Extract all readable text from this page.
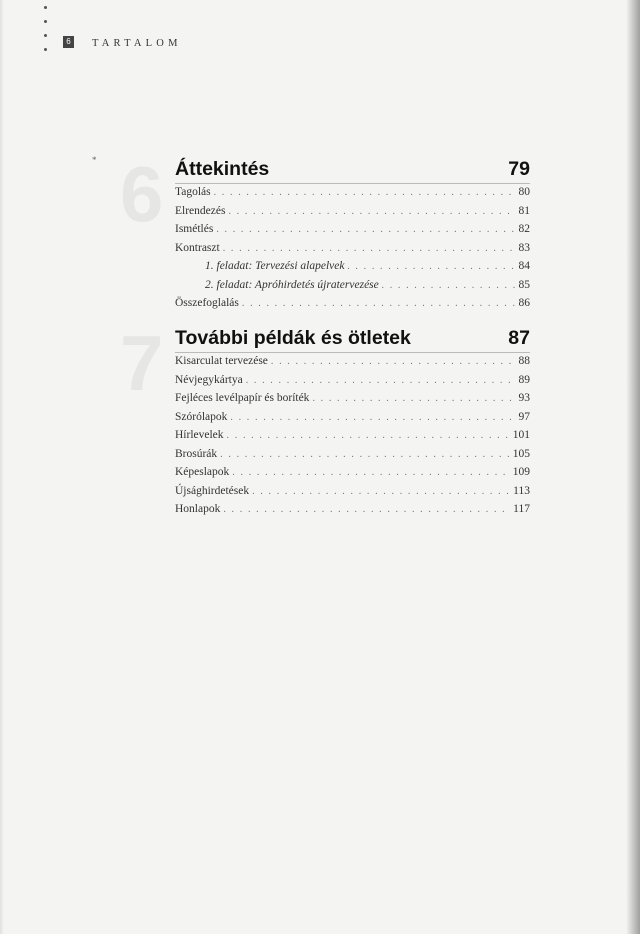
6	TARTALOM
* 6 Áttekintés	79
Tagolás . . .	80
Elrendezés . . .	81
Ismétlés . . .	82
Kontraszt . . .	83
1. feladat: Tervezési alapelvek . . .	84
2. feladat: Apróhirdetés újratervezése . . .	85
Összefoglalás . . .	86
7 További példák és ötletek	87
Kisarculat tervezése . . .	88
Névjegykártya . . .	89
Fejléces levélpapír és boríték . . .	93
Szórólapok . . .	97
Hírlevelek . . .	101
Brosúrák . . .	105
Képeslapok . . .	109
Újsághirdetések . . .	113
Honlapok . . .	117
